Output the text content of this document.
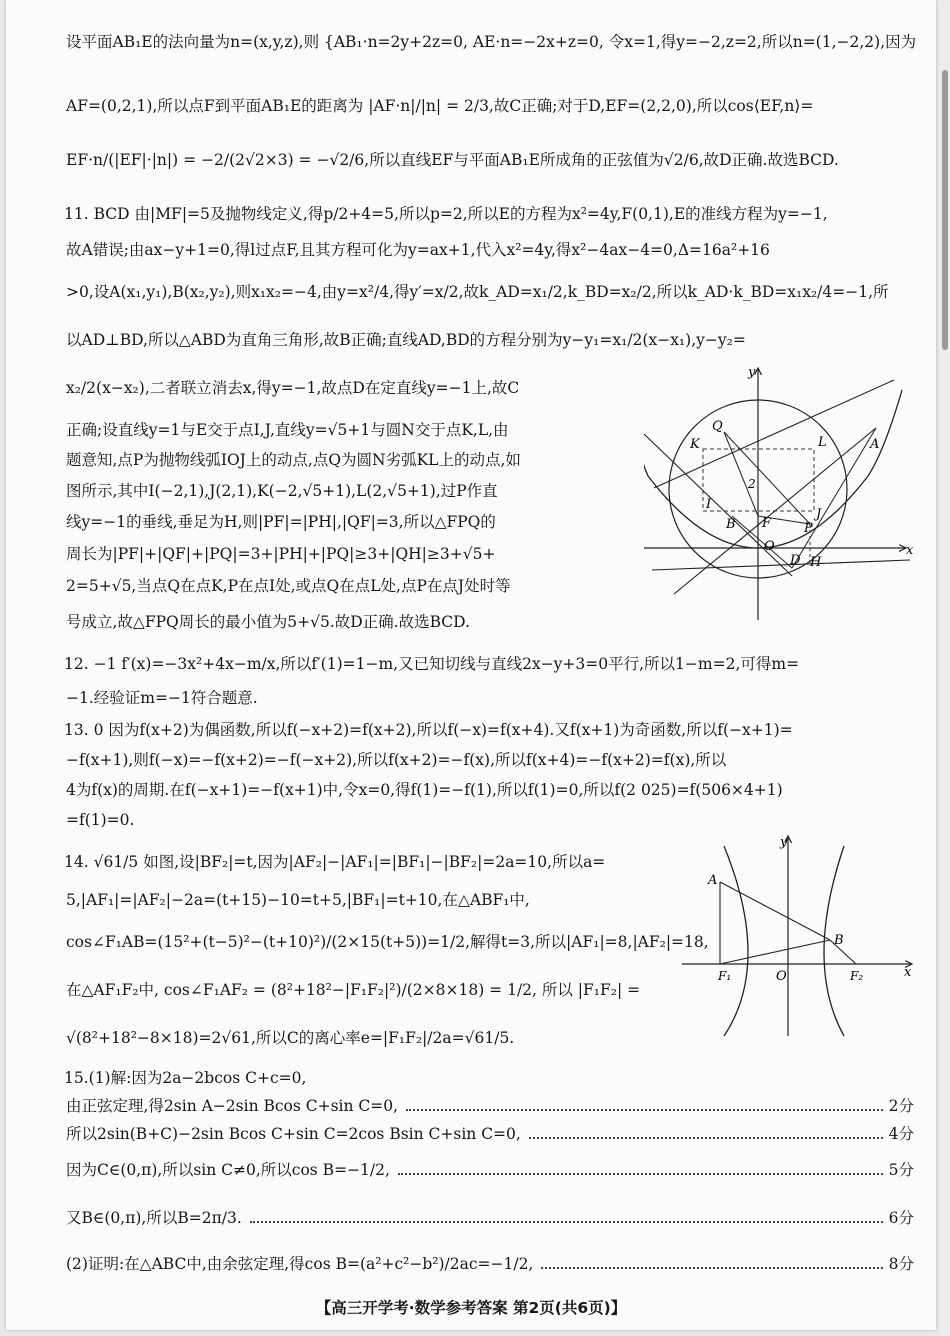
设平面AB₁E的法向量为n=(x,y,z),则 {AB₁·n=2y+2z=0, AE·n=−2x+z=0, 令x=1,得y=−2,z=2,所以n=(1,−2,2),因为
AF=(0,2,1),所以点F到平面AB₁E的距离为 |AF·n|/|n| = 2/3,故C正确;对于D,EF=(2,2,0),所以cos⟨EF,n⟩=
EF·n/(|EF|·|n|) = −2/(2√2×3) = −√2/6,所以直线EF与平面AB₁E所成角的正弦值为√2/6,故D正确.故选BCD.
11. BCD 由|MF|=5及抛物线定义,得p/2+4=5,所以p=2,所以E的方程为x²=4y,F(0,1),E的准线方程为y=−1,
故A错误;由ax−y+1=0,得l过点F,且其方程可化为y=ax+1,代入x²=4y,得x²−4ax−4=0,Δ=16a²+16
>0,设A(x₁,y₁),B(x₂,y₂),则x₁x₂=−4,由y=x²/4,得y′=x/2,故k_AD=x₁/2,k_BD=x₂/2,所以k_AD·k_BD=x₁x₂/4=−1,所
以AD⊥BD,所以△ABD为直角三角形,故B正确;直线AD,BD的方程分别为y−y₁=x₁/2(x−x₁),y−y₂=
x₂/2(x−x₂),二者联立消去x,得y=−1,故点D在定直线y=−1上,故C
正确;设直线y=1与E交于点I,J,直线y=√5+1与圆N交于点K,L,由
题意知,点P为抛物线弧IOJ上的动点,点Q为圆N劣弧KL上的动点,如
图所示,其中I(−2,1),J(2,1),K(−2,√5+1),L(2,√5+1),过P作直
线y=−1的垂线,垂足为H,则|PF|=|PH|,|QF|=3,所以△FPQ的
周长为|PF|+|QF|+|PQ|=3+|PH|+|PQ|≥3+|QH|≥3+√5+
2=5+√5,当点Q在点K,P在点I处,或点Q在点L处,点P在点J处时等
号成立,故△FPQ周长的最小值为5+√5.故D正确.故选BCD.
y
Q
K	L	A
2
I
B F
J
P
O
D H
x
12. −1 f′(x)=−3x²+4x−m/x,所以f′(1)=1−m,又已知切线与直线2x−y+3=0平行,所以1−m=2,可得m=
−1.经验证m=−1符合题意.
13. 0 因为f(x+2)为偶函数,所以f(−x+2)=f(x+2),所以f(−x)=f(x+4).又f(x+1)为奇函数,所以f(−x+1)=
−f(x+1),则f(−x)=−f(x+2)=−f(−x+2),所以f(x+2)=−f(x),所以f(x+4)=−f(x+2)=f(x),所以
4为f(x)的周期.在f(−x+1)=−f(x+1)中,令x=0,得f(1)=−f(1),所以f(1)=0,所以f(2 025)=f(506×4+1)
=f(1)=0.
14. √61/5 如图,设|BF₂|=t,因为|AF₂|−|AF₁|=|BF₁|−|BF₂|=2a=10,所以a=
5,|AF₁|=|AF₂|−2a=(t+15)−10=t+5,|BF₁|=t+10,在△ABF₁中,
cos∠F₁AB=(15²+(t−5)²−(t+10)²)/(2×15(t+5))=1/2,解得t=3,所以|AF₁|=8,|AF₂|=18,
在△AF₁F₂中, cos∠F₁AF₂ = (8²+18²−|F₁F₂|²)/(2×8×18) = 1/2, 所以 |F₁F₂| =
√(8²+18²−8×18)=2√61,所以C的离心率e=|F₁F₂|/2a=√61/5.
y
A
B
F₁	O	F₂	x
15.(1)解:因为2a−2bcos C+c=0,
由正弦定理,得2sin A−2sin Bcos C+sin C=0,	2分
所以2sin(B+C)−2sin Bcos C+sin C=2cos Bsin C+sin C=0,	4分
因为C∈(0,π),所以sin C≠0,所以cos B=−1/2,	5分
又B∈(0,π),所以B=2π/3.	6分
(2)证明:在△ABC中,由余弦定理,得cos B=(a²+c²−b²)/2ac=−1/2,	8分
【高三开学考·数学参考答案 第2页(共6页)】
